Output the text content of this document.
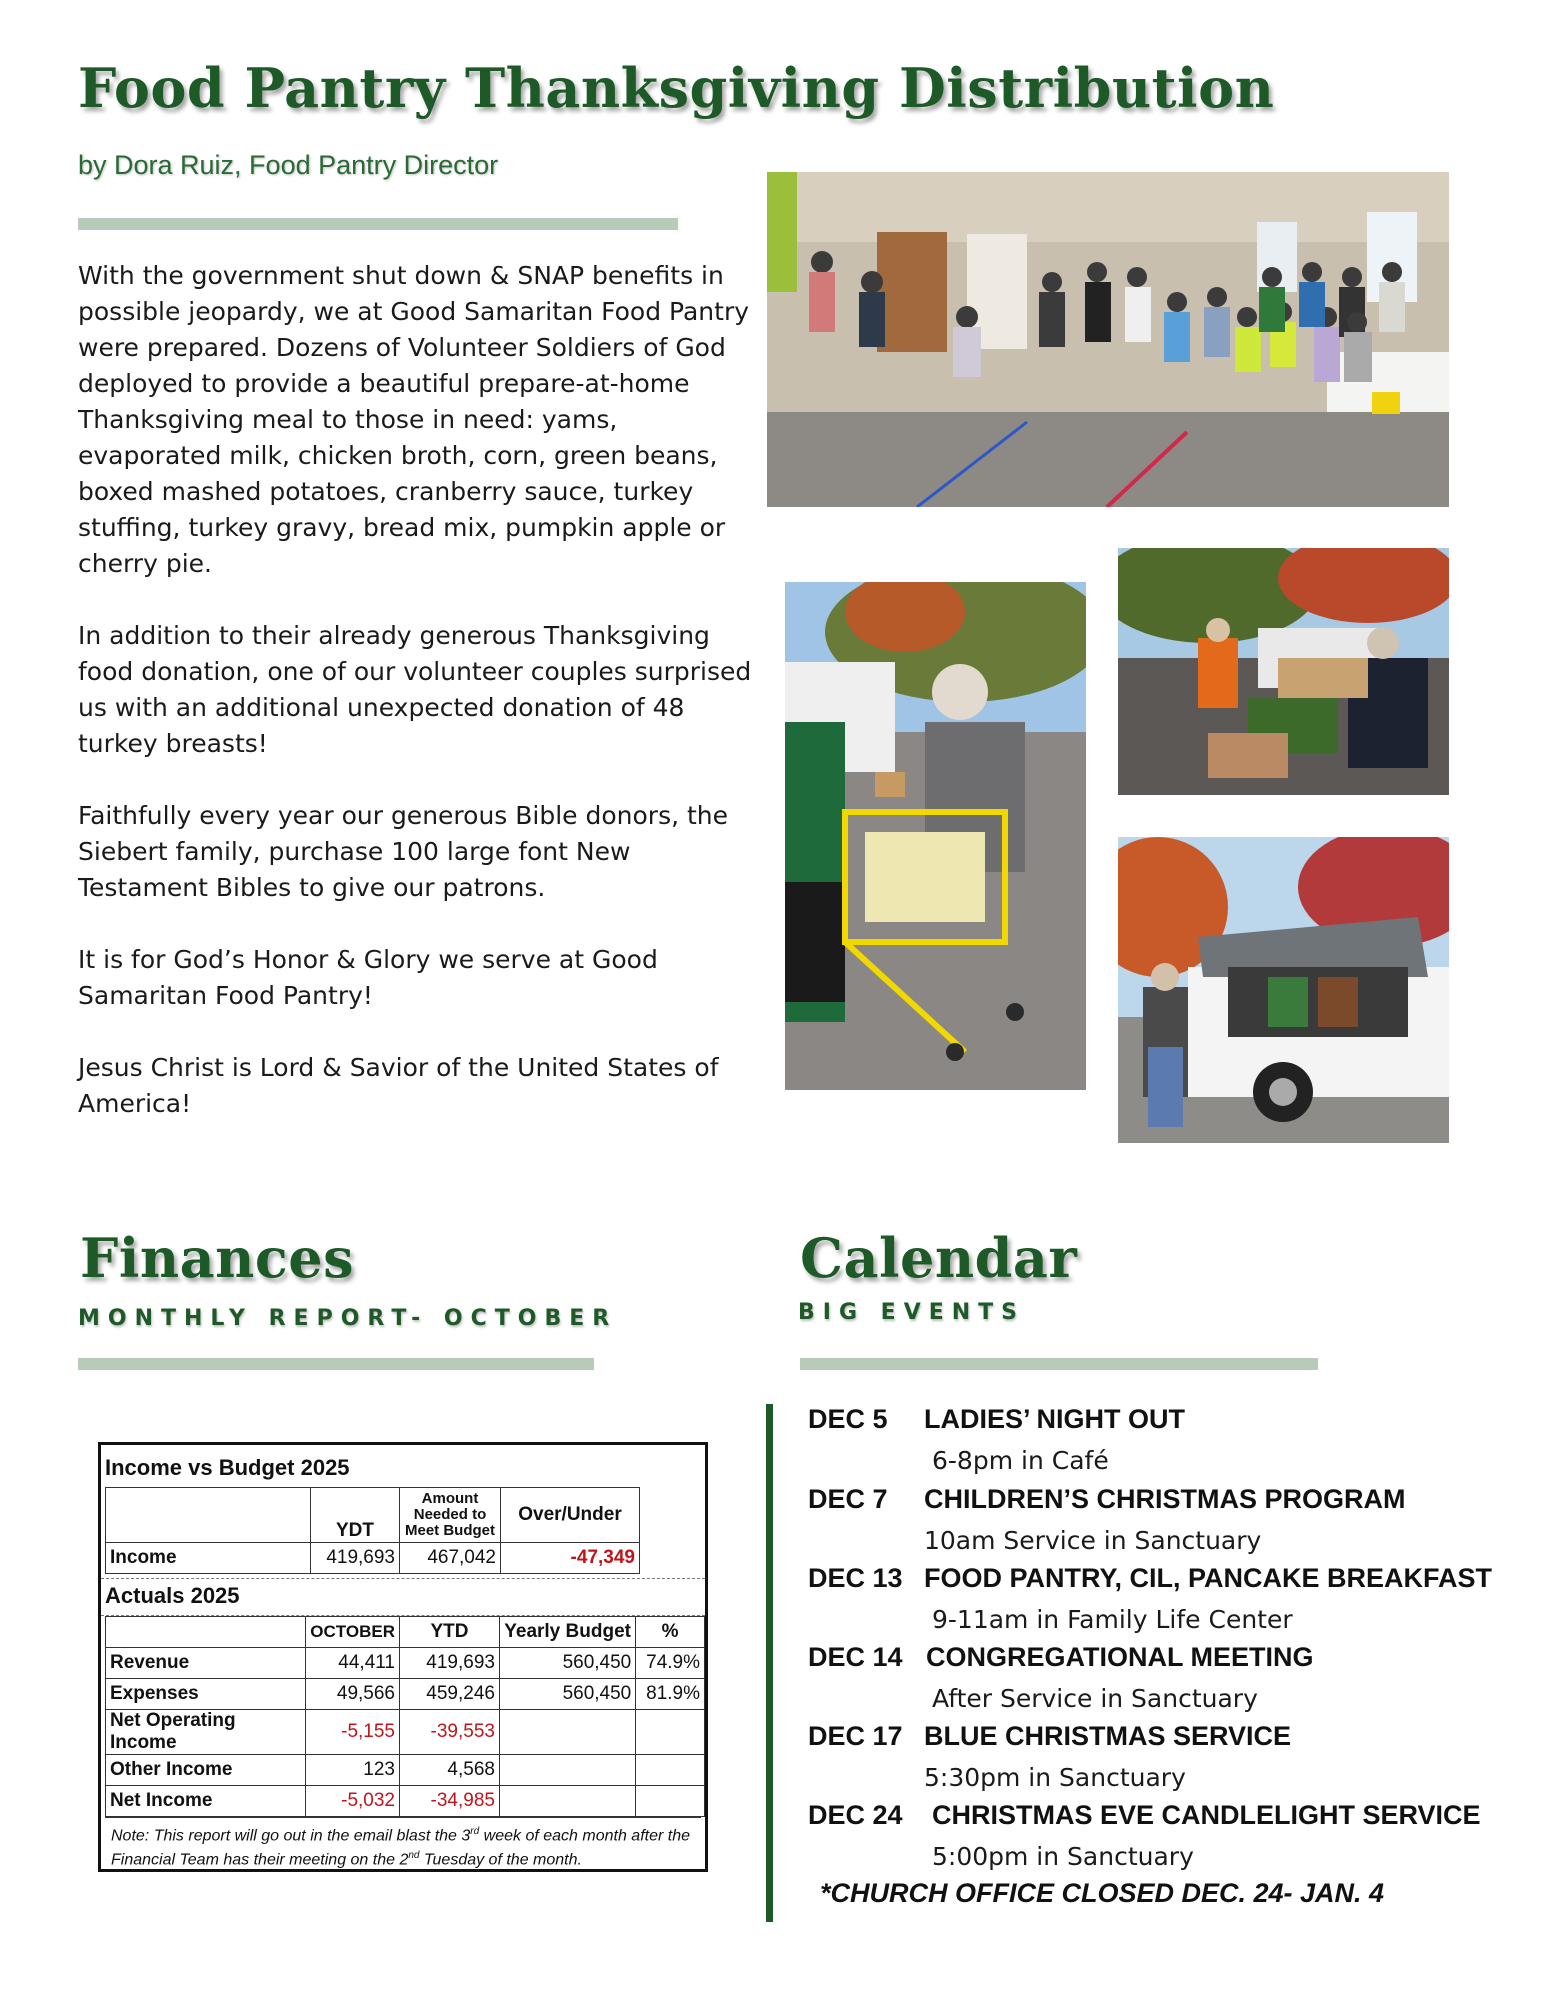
Food Pantry Thanksgiving Distribution
by Dora Ruiz, Food Pantry Director

With the government shut down & SNAP benefits in possible jeopardy, we at Good Samaritan Food Pantry were prepared. Dozens of Volunteer Soldiers of God deployed to provide a beautiful prepare-at-home Thanksgiving meal to those in need: yams, evaporated milk, chicken broth, corn, green beans, boxed mashed potatoes, cranberry sauce, turkey stuffing, turkey gravy, bread mix, pumpkin apple or cherry pie.

In addition to their already generous Thanksgiving food donation, one of our volunteer couples surprised us with an additional unexpected donation of 48 turkey breasts!

Faithfully every year our generous Bible donors, the Siebert family, purchase 100 large font New Testament Bibles to give our patrons.

It is for God’s Honor & Glory we serve at Good Samaritan Food Pantry!

Jesus Christ is Lord & Savior of the United States of America!

Finances
MONTHLY REPORT- OCTOBER
Income vs Budget 2025
	YDT	Amount Needed to Meet Budget	Over/Under
Income	419,693	467,042	-47,349
Actuals 2025
	OCTOBER	YTD	Yearly Budget	%
Revenue	44,411	419,693	560,450	74.9%
Expenses	49,566	459,246	560,450	81.9%
Net Operating Income	-5,155	-39,553		
Other Income	123	4,568		
Net Income	-5,032	-34,985		
Note: This report will go out in the email blast the 3rd week of each month after the Financial Team has their meeting on the 2nd Tuesday of the month.
Calendar
BIG EVENTS
DEC 5 LADIES’ NIGHT OUT
6-8pm in Café
DEC 7 CHILDREN’S CHRISTMAS PROGRAM
10am Service in Sanctuary
DEC 13 FOOD PANTRY, CIL, PANCAKE BREAKFAST
9-11am in Family Life Center
DEC 14 CONGREGATIONAL MEETING
After Service in Sanctuary
DEC 17 BLUE CHRISTMAS SERVICE
5:30pm in Sanctuary
DEC 24 CHRISTMAS EVE CANDLELIGHT SERVICE
5:00pm in Sanctuary
*CHURCH OFFICE CLOSED DEC. 24- JAN. 4
